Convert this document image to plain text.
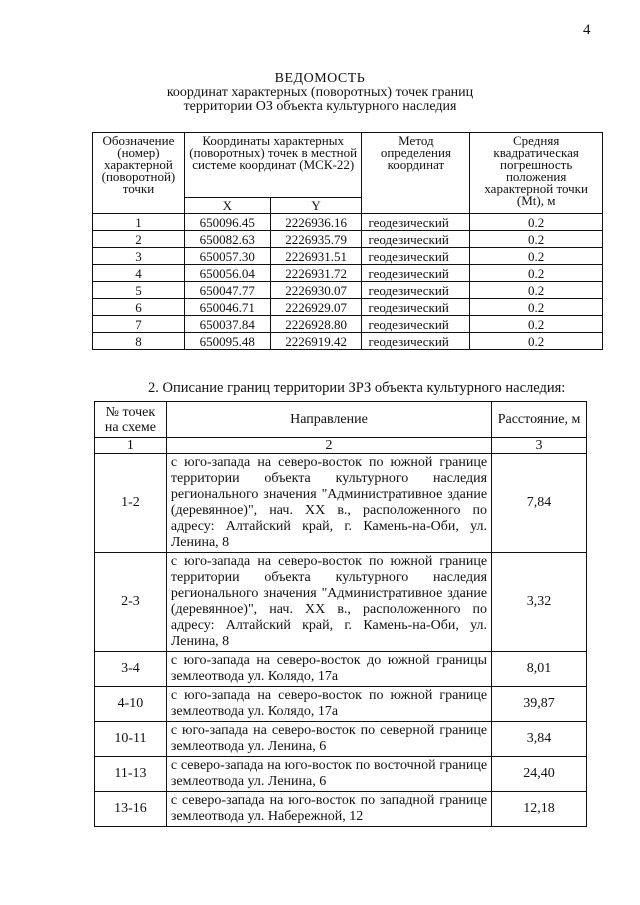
4
ВЕДОМОСТЬ
координат характерных (поворотных) точек границ
территории ОЗ объекта культурного наследия
Обозначение (номер) характерной (поворотной) точки	Координаты характерных (поворотных) точек в местной системе координат (МСК-22)		Метод определения координат	Средняя квадратическая погрешность положения характерной точки (Mt), м
	X	Y		
1	650096.45	2226936.16	геодезический	0.2
2	650082.63	2226935.79	геодезический	0.2
3	650057.30	2226931.51	геодезический	0.2
4	650056.04	2226931.72	геодезический	0.2
5	650047.77	2226930.07	геодезический	0.2
6	650046.71	2226929.07	геодезический	0.2
7	650037.84	2226928.80	геодезический	0.2
8	650095.48	2226919.42	геодезический	0.2
2. Описание границ территории ЗРЗ объекта культурного наследия:
№ точек на схеме	Направление	Расстояние, м
1	2	3
1-2	с юго-запада на северо-восток по южной границе территории объекта культурного наследия регионального значения "Административное здание (деревянное)", нач. XX в., расположенного по адресу: Алтайский край, г. Камень-на-Оби, ул. Ленина, 8	7,84
2-3	с юго-запада на северо-восток по южной границе территории объекта культурного наследия регионального значения "Административное здание (деревянное)", нач. XX в., расположенного по адресу: Алтайский край, г. Камень-на-Оби, ул. Ленина, 8	3,32
3-4	с юго-запада на северо-восток до южной границы землеотвода ул. Колядо, 17а	8,01
4-10	с юго-запада на северо-восток по южной границе землеотвода ул. Колядо, 17а	39,87
10-11	с юго-запада на северо-восток по северной границе землеотвода ул. Ленина, 6	3,84
11-13	с северо-запада на юго-восток по восточной границе землеотвода ул. Ленина, 6	24,40
13-16	с северо-запада на юго-восток по западной границе землеотвода ул. Набережной, 12	12,18
